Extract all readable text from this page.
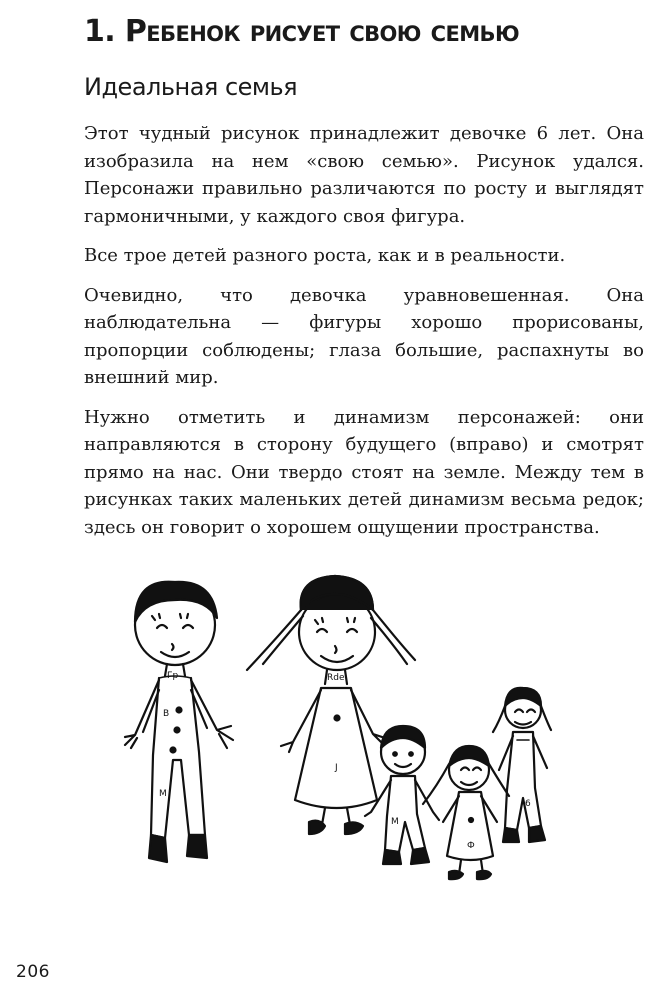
1. Ребенок рисует свою семью
Идеальная семья

Этот чудный рисунок принадлежит девочке 6 лет. Она изобразила на нем «свою семью». Рисунок удался. Персонажи правильно различаются по росту и выглядят гармоничными, у каждого своя фигура.

Все трое детей разного роста, как и в реальности.

Очевидно, что девочка уравновешенная. Она наблюдательна — фигуры хорошо прорисованы, пропорции соблюдены; глаза большие, распахнуты во внешний мир.

Нужно отметить и динамизм персонажей: они направляются в сторону будущего (вправо) и смотрят прямо на нас. Они твердо стоят на земле. Между тем в рисунках таких маленьких детей динамизм весьма редок; здесь он говорит о хорошем ощущении пространства.

Гр
В
М
Rde
J
M
Ф
6
206
